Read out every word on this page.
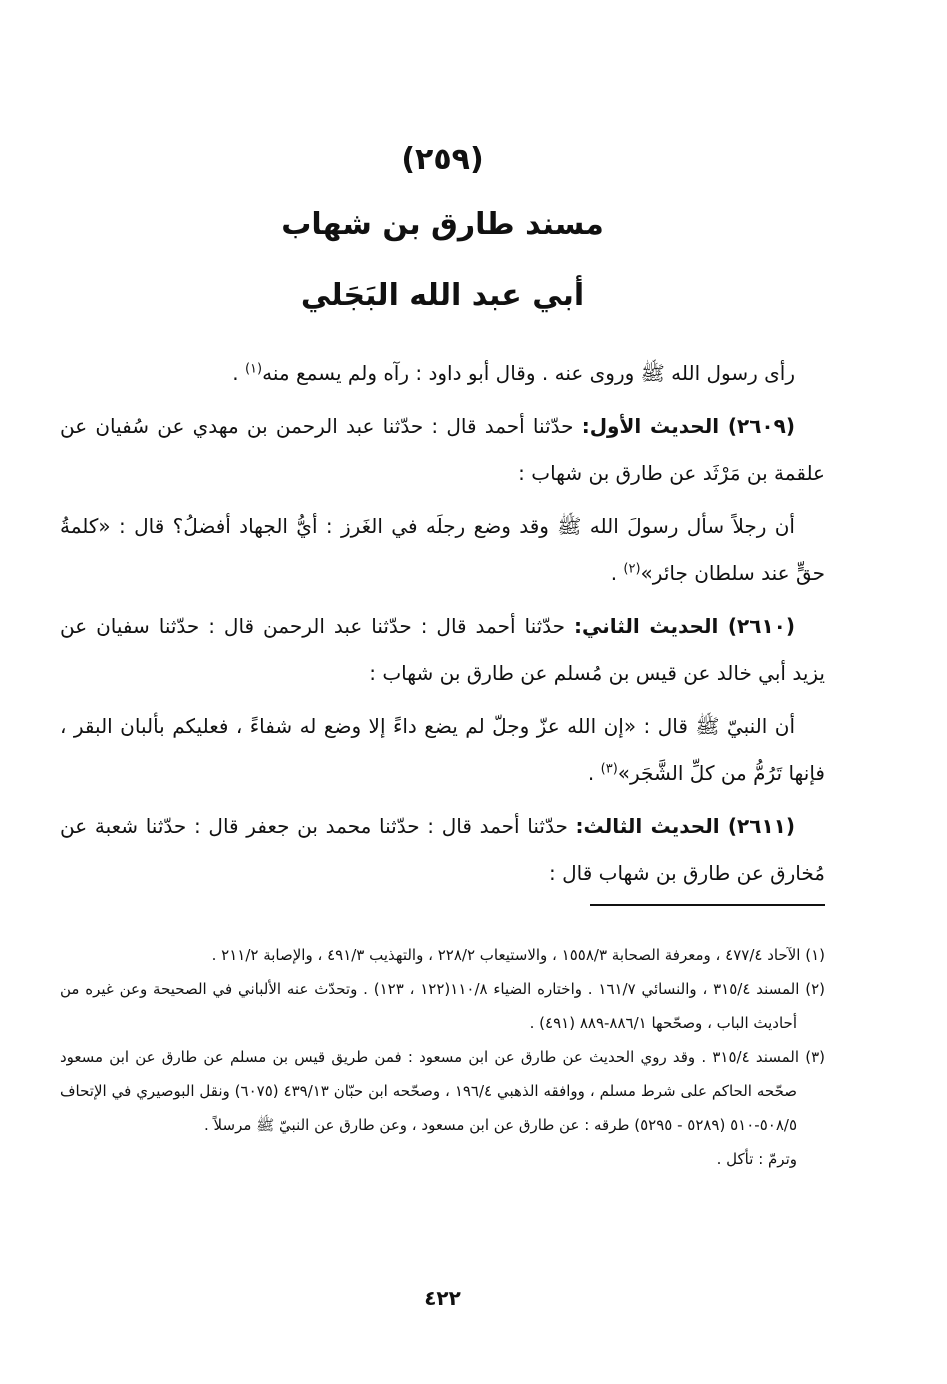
(٢٥٩)
مسند طارق بن شهاب
أبي عبد الله البَجَلي

رأى رسول الله ﷺ وروى عنه . وقال أبو داود : رآه ولم يسمع منه$^{(١)}$ .

(٢٦٠٩) الحديث الأول: حدّثنا أحمد قال : حدّثنا عبد الرحمن بن مهدي عن سُفيان عن علقمة بن مَرْثَد عن طارق بن شهاب :

أن رجلاً سأل رسولَ الله ﷺ وقد وضع رجلَه في الغَرز : أيُّ الجهاد أفضلُ؟ قال : «كلمةُ حقٍّ عند سلطان جائر»$^{(٢)}$ .

(٢٦١٠) الحديث الثاني: حدّثنا أحمد قال : حدّثنا عبد الرحمن قال : حدّثنا سفيان عن يزيد أبي خالد عن قيس بن مُسلم عن طارق بن شهاب :

أن النبيّ ﷺ قال : «إن الله عزّ وجلّ لم يضع داءً إلا وضع له شفاءً ، فعليكم بألبان البقر ، فإنها تَرُمُّ من كلِّ الشَّجَر»$^{(٣)}$ .

(٢٦١١) الحديث الثالث: حدّثنا أحمد قال : حدّثنا محمد بن جعفر قال : حدّثنا شعبة عن مُخارق عن طارق بن شهاب قال :

(١) الآحاد ٤٧٧/٤ ، ومعرفة الصحابة ١٥٥٨/٣ ، والاستيعاب ٢٢٨/٢ ، والتهذيب ٤٩١/٣ ، والإصابة ٢١١/٢ .

(٢) المسند ٣١٥/٤ ، والنسائي ١٦١/٧ . واختاره الضياء ١١٠/٨(١٢٢ ، ١٢٣) . وتحدّث عنه الألباني في الصحيحة وعن غيره من أحاديث الباب ، وصحّحها ٨٨٦/١-٨٨٩ (٤٩١) .

(٣) المسند ٣١٥/٤ . وقد روي الحديث عن طارق عن ابن مسعود : فمن طريق قيس بن مسلم عن طارق عن ابن مسعود صحّحه الحاكم على شرط مسلم ، ووافقه الذهبي ١٩٦/٤ ، وصحّحه ابن حبّان ٤٣٩/١٣ (٦٠٧٥) ونقل البوصيري في الإتحاف ٥٠٨/٥-٥١٠ (٥٢٨٩ - ٥٢٩٥) طرقه : عن طارق عن ابن مسعود ، وعن طارق عن النبيّ ﷺ مرسلاً .

وترمّ : تأكل .

٤٢٢
